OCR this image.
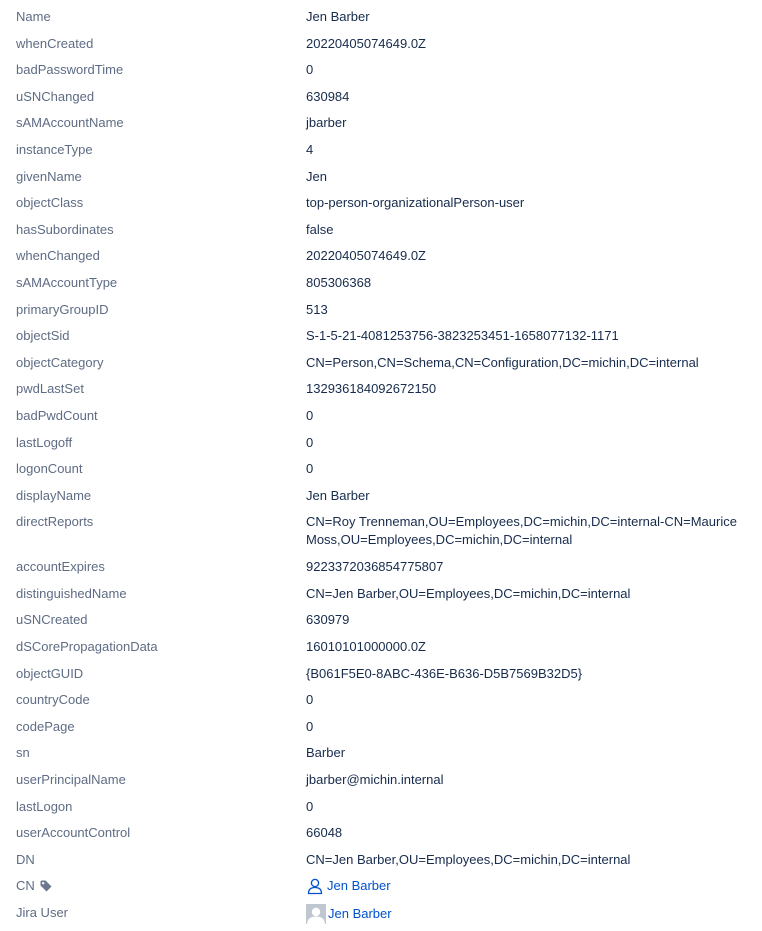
Name	Jen Barber
whenCreated	20220405074649.0Z
badPasswordTime	0
uSNChanged	630984
sAMAccountName	jbarber
instanceType	4
givenName	Jen
objectClass	top-person-organizationalPerson-user
hasSubordinates	false
whenChanged	20220405074649.0Z
sAMAccountType	805306368
primaryGroupID	513
objectSid	S-1-5-21-4081253756-3823253451-1658077132-1171
objectCategory	CN=Person,CN=Schema,CN=Configuration,DC=michin,DC=internal
pwdLastSet	132936184092672150
badPwdCount	0
lastLogoff	0
logonCount	0
displayName	Jen Barber
directReports	CN=Roy Trenneman,OU=Employees,DC=michin,DC=internal-CN=Maurice Moss,OU=Employees,DC=michin,DC=internal
accountExpires	9223372036854775807
distinguishedName	CN=Jen Barber,OU=Employees,DC=michin,DC=internal
uSNCreated	630979
dSCorePropagationData	16010101000000.0Z
objectGUID	{B061F5E0-8ABC-436E-B636-D5B7569B32D5}
countryCode	0
codePage	0
sn	Barber
userPrincipalName	jbarber@michin.internal
lastLogon	0
userAccountControl	66048
DN	CN=Jen Barber,OU=Employees,DC=michin,DC=internal
CN	Jen Barber
Jira User	Jen Barber
